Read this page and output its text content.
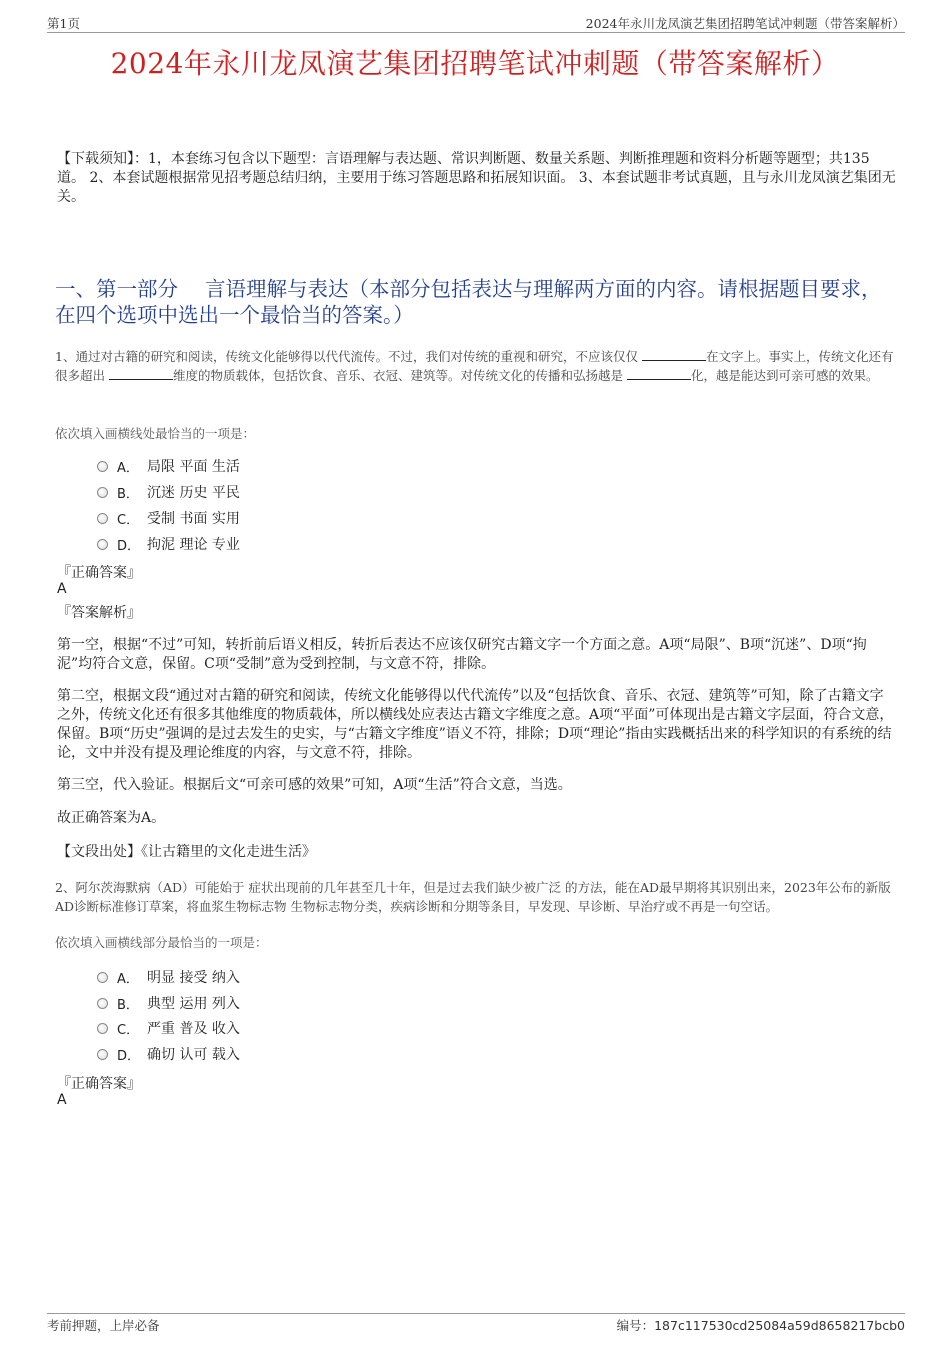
第1页	2024年永川龙凤演艺集团招聘笔试冲刺题（带答案解析）
2024年永川龙凤演艺集团招聘笔试冲刺题（带答案解析）
【下载须知】：1，本套练习包含以下题型：言语理解与表达题、常识判断题、数量关系题、判断推理题和资料分析题等题型；共135道。 2、本套试题根据常见招考题总结归纳，主要用于练习答题思路和拓展知识面。 3、本套试题非考试真题，且与永川龙凤演艺集团无关。
一、第一部分　 言语理解与表达（本部分包括表达与理解两方面的内容。请根据题目要求，在四个选项中选出一个最恰当的答案。）
1、通过对古籍的研究和阅读，传统文化能够得以代代流传。不过，我们对传统的重视和研究，不应该仅仅	在文字上。事实上，传统文化还有很多超出	维度的物质载体，包括饮食、音乐、衣冠、建筑等。对传统文化的传播和弘扬越是	化，越是能达到可亲可感的效果。
依次填入画横线处最恰当的一项是：
A． 局限 平面 生活
B． 沉迷 历史 平民
C． 受制 书面 实用
D． 拘泥 理论 专业
『正确答案』
A
『答案解析』
第一空，根据“不过”可知，转折前后语义相反，转折后表达不应该仅研究古籍文字一个方面之意。A项“局限”、B项“沉迷”、D项“拘泥”均符合文意，保留。C项“受制”意为受到控制，与文意不符，排除。
第二空，根据文段“通过对古籍的研究和阅读，传统文化能够得以代代流传”以及“包括饮食、音乐、衣冠、建筑等”可知，除了古籍文字之外，传统文化还有很多其他维度的物质载体，所以横线处应表达古籍文字维度之意。A项“平面”可体现出是古籍文字层面，符合文意，保留。B项“历史”强调的是过去发生的史实，与“古籍文字维度”语义不符，排除；D项“理论”指由实践概括出来的科学知识的有系统的结论，文中并没有提及理论维度的内容，与文意不符，排除。
第三空，代入验证。根据后文“可亲可感的效果”可知，A项“生活”符合文意，当选。
故正确答案为A。
【文段出处】《让古籍里的文化走进生活》
2、阿尔茨海默病（AD）可能始于 症状出现前的几年甚至几十年，但是过去我们缺少被广泛 的方法，能在AD最早期将其识别出来，2023年公布的新版AD诊断标准修订草案，将血浆生物标志物 生物标志物分类，疾病诊断和分期等条目，早发现、早诊断、早治疗或不再是一句空话。
依次填入画横线部分最恰当的一项是：
A． 明显 接受 纳入
B． 典型 运用 列入
C． 严重 普及 收入
D． 确切 认可 载入
『正确答案』
A
考前押题，上岸必备	编号：187c117530cd25084a59d8658217bcb0
